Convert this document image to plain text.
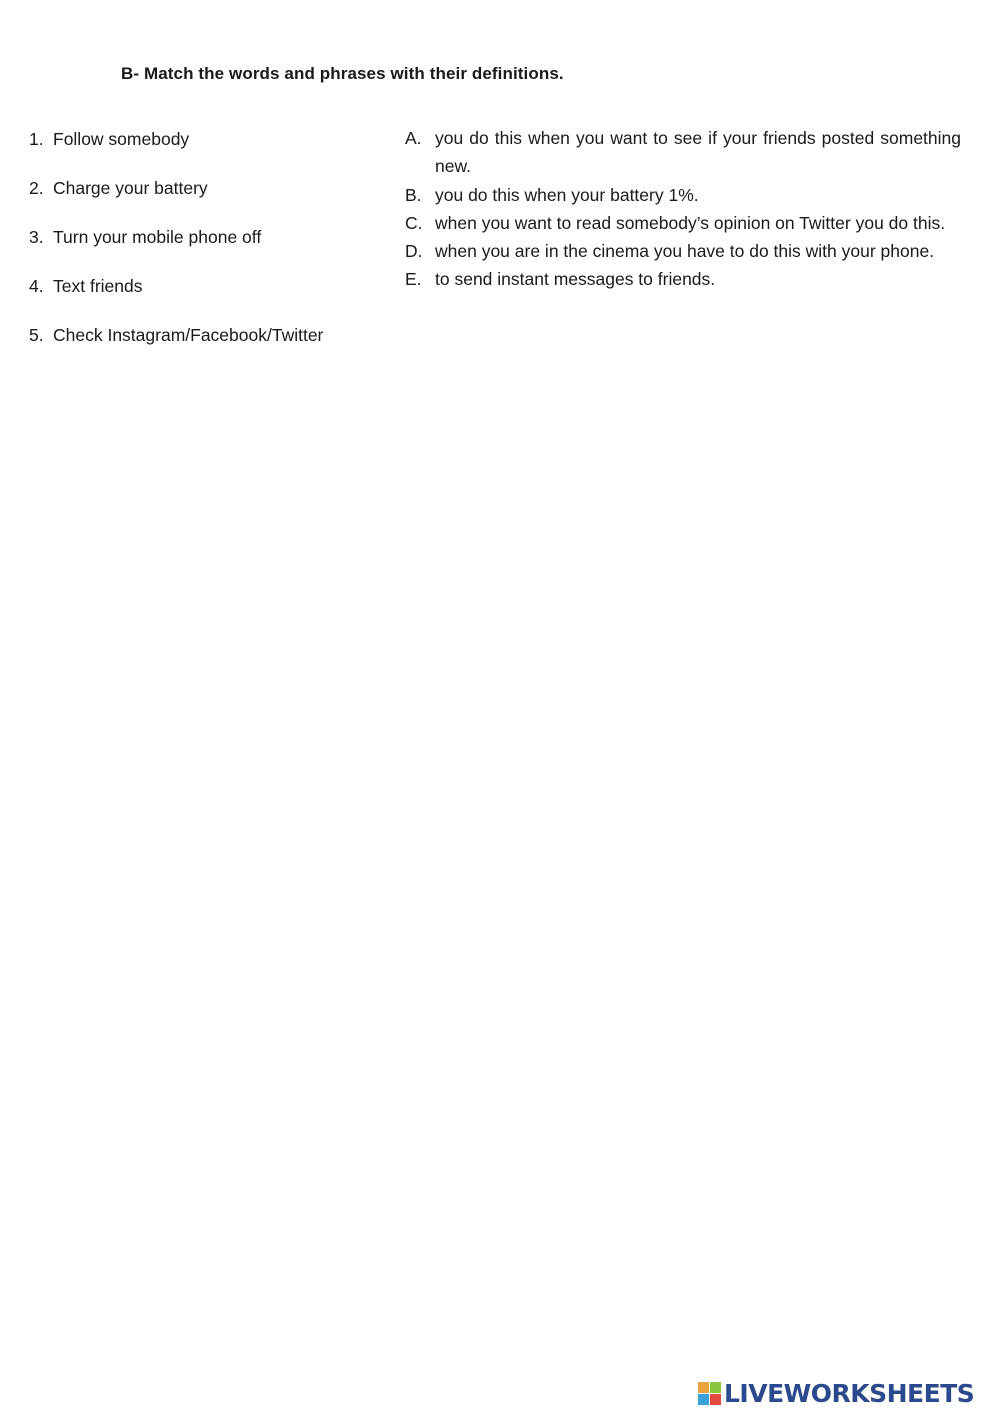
B- Match the words and phrases with their definitions.
1. Follow somebody
2. Charge your battery
3. Turn your mobile phone off
4. Text friends
5. Check Instagram/Facebook/Twitter
A. you do this when you want to see if your friends posted something new.
B. you do this when your battery 1%.
C. when you want to read somebody’s opinion on Twitter you do this.
D. when you are in the cinema you have to do this with your phone.
E. to send instant messages to friends.
LIVEWORKSHEETS
